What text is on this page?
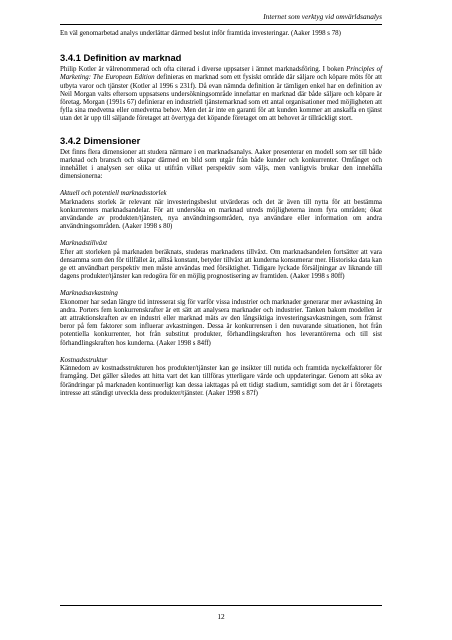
Internet som verktyg vid omvärldsanalys

En väl genomarbetad analys underlättar därmed beslut inför framtida investeringar. (Aaker 1998 s 78)

3.4.1 Definition av marknad

Philip Kotler är välrenommerad och ofta citerad i diverse uppsatser i ämnet marknadsföring. I boken Principles of Marketing: The European Edition definieras en marknad som ett fysiskt område där säljare och köpare möts för att utbyta varor och tjänster (Kotler al 1996 s 231f). Då evan nämnda definition är tämligen enkel har en definition av Neil Morgan valts eftersom uppsatsens undersökningsområde innefattar en marknad där både säljare och köpare är företag. Morgan (1991s 67) definierar en industriell tjänstemarknad som ett antal organisationer med möjligheten att fylla sina medvetna eller omedvetna behov. Men det är inte en garanti för att kunden kommer att anskaffa en tjänst utan det är upp till säljande företaget att övertyga det köpande företaget om att behovet är tillräckligt stort.

3.4.2 Dimensioner

Det finns flera dimensioner att studera närmare i en marknadsanalys. Aaker presenterar en modell som ser till både marknad och bransch och skapar därmed en bild som utgår från både kunder och konkurrenter. Omfånget och innehållet i analysen ser olika ut utifrån vilket perspektiv som väljs, men vanligtvis brukar den innehålla dimensionerna:

Aktuell och potentiell marknadsstorlek

Marknadens storlek är relevant när investeringsbeslut utvärderas och det är även till nytta för att bestämma konkurrenters marknadsandelar. För att undersöka en marknad utreds möjligheterna inom fyra områden; ökat användande av produkten/tjänsten, nya användningsområden, nya användare eller information om andra användningsområden. (Aaker 1998 s 80)

Marknadstillväxt

Efter att storleken på marknaden beräknats, studeras marknadens tillväxt. Om marknadsandelen fortsätter att vara densamma som den för tillfället är, alltså konstant, betyder tillväxt att kunderna konsumerar mer. Historiska data kan ge ett användbart perspektiv men måste användas med försiktighet. Tidigare lyckade försäljningar av liknande till dagens produkter/tjänster kan redogöra för en möjlig prognostisering av framtiden. (Aaker 1998 s 80ff)

Marknadsavkastning

Ekonomer har sedan längre tid intresserat sig för varför vissa industrier och marknader generarar mer avkastning än andra. Porters fem konkurrenskrafter är ett sätt att analysera marknader och industrier. Tanken bakom modellen är att attraktionskraften av en industri eller marknad mäts av den långsiktiga investeringsavkastningen, som främst beror på fem faktorer som influerar avkastningen. Dessa är konkurrensen i den nuvarande situationen, hot från potentiella konkurrenter, hot från substitut produkter, förhandlingskraften hos leverantörerna och till sist förhandlingskraften hos kunderna. (Aaker 1998 s 84ff)

Kostnadsstruktur

Kännedom av kostnadsstrukturen hos produkter/tjänster kan ge insikter till nutida och framtida nyckelfaktorer för framgång. Det gäller således att hitta vart det kan tillföras ytterligare värde och uppdateringar. Genom att söka av förändringar på marknaden kontinuerligt kan dessa iakttagas på ett tidigt stadium, samtidigt som det är i företagets intresse att ständigt utveckla dess produkter/tjänster. (Aaker 1998 s 87f)

12
